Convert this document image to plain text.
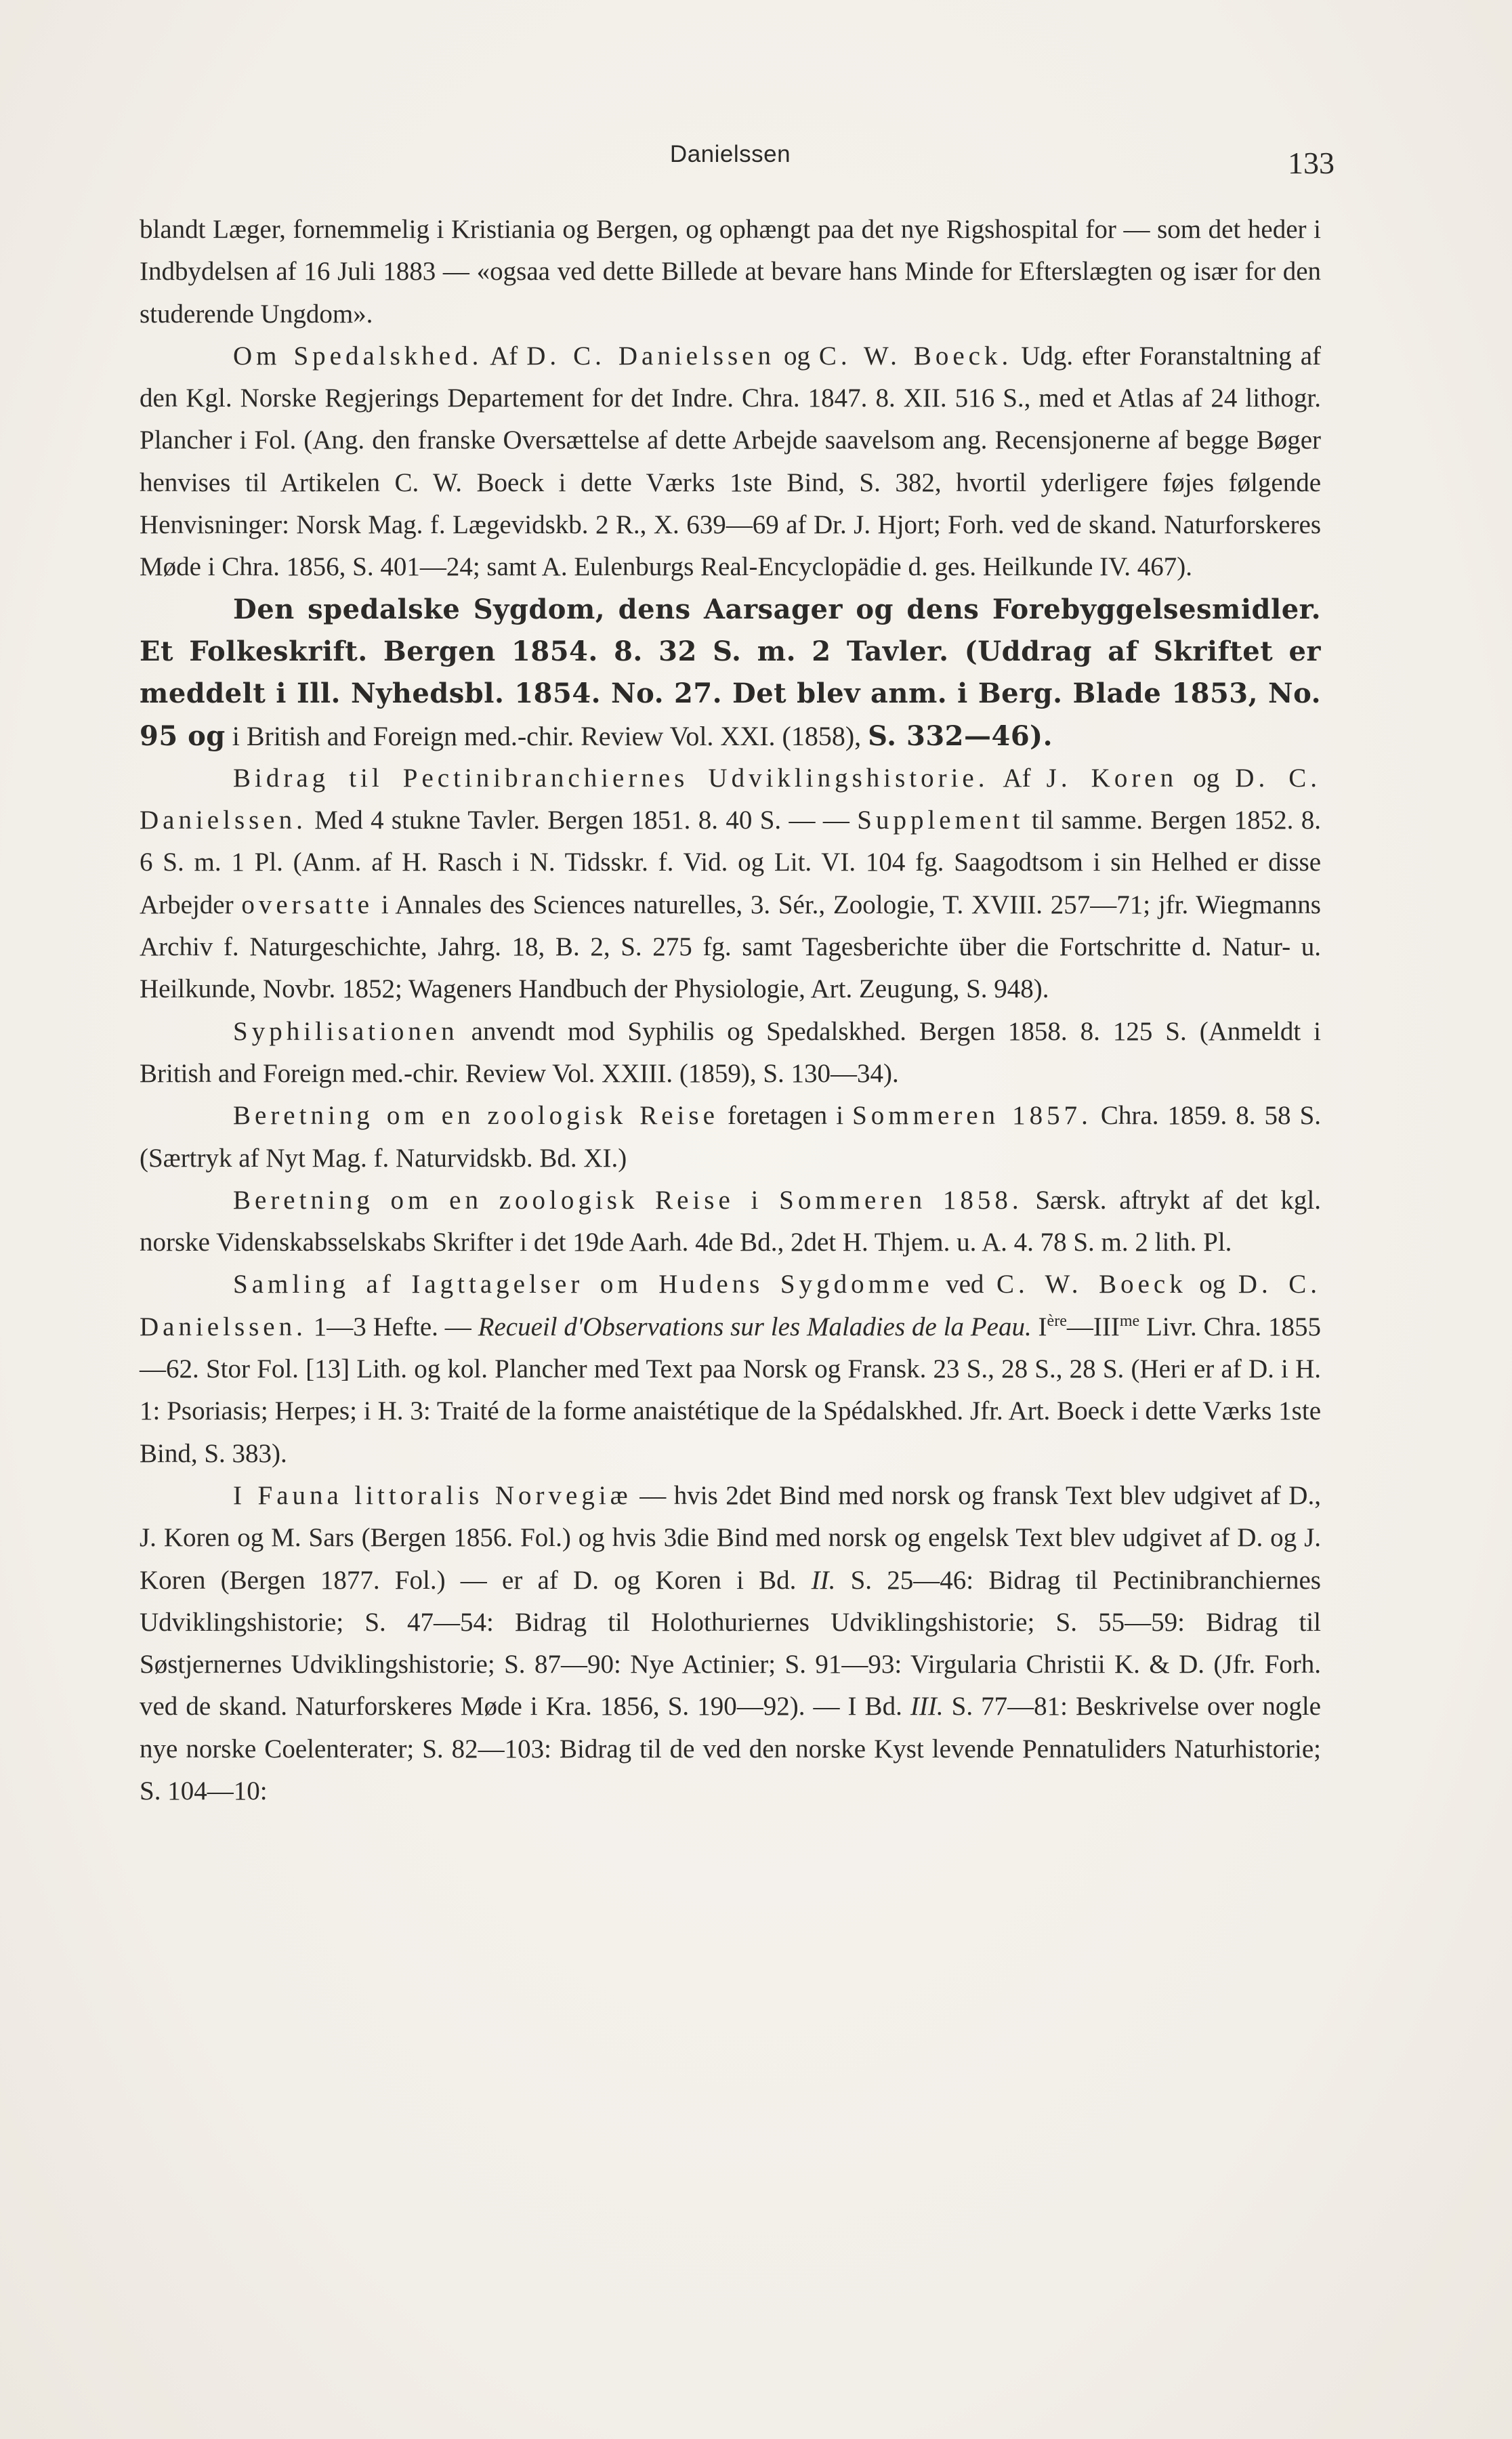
Danielssen	133

blandt Læger, fornemmelig i Kristiania og Bergen, og ophængt paa det nye Rigshospital for — som det heder i Indbydelsen af 16 Juli 1883 — «ogsaa ved dette Billede at bevare hans Minde for Efterslægten og især for den studerende Ungdom».

Om Spedalskhed. Af D. C. Danielssen og C. W. Boeck. Udg. efter Foranstaltning af den Kgl. Norske Regjerings Departement for det Indre. Chra. 1847. 8. XII. 516 S., med et Atlas af 24 lithogr. Plancher i Fol. (Ang. den franske Oversættelse af dette Arbejde saavelsom ang. Recensjonerne af begge Bøger henvises til Artikelen C. W. Boeck i dette Værks 1ste Bind, S. 382, hvortil yderligere føjes følgende Henvisninger: Norsk Mag. f. Lægevidskb. 2 R., X. 639—69 af Dr. J. Hjort; Forh. ved de skand. Naturforskeres Møde i Chra. 1856, S. 401—24; samt A. Eulenburgs Real-Encyclopädie d. ges. Heilkunde IV. 467).

Den spedalske Sygdom, dens Aarsager og dens Forebyggelsesmidler. Et Folkeskrift. Bergen 1854. 8. 32 S. m. 2 Tavler. (Uddrag af Skriftet er meddelt i Ill. Nyhedsbl. 1854. No. 27. Det blev anm. i Berg. Blade 1853, No. 95 og i British and Foreign med.-chir. Review Vol. XXI. (1858), S. 332—46).

Bidrag til Pectinibranchiernes Udviklingshistorie. Af J. Koren og D. C. Danielssen. Med 4 stukne Tavler. Bergen 1851. 8. 40 S. — — Supplement til samme. Bergen 1852. 8. 6 S. m. 1 Pl. (Anm. af H. Rasch i N. Tidsskr. f. Vid. og Lit. VI. 104 fg. Saagodtsom i sin Helhed er disse Arbejder oversatte i Annales des Sciences naturelles, 3. Sér., Zoologie, T. XVIII. 257—71; jfr. Wiegmanns Archiv f. Naturgeschichte, Jahrg. 18, B. 2, S. 275 fg. samt Tagesberichte über die Fortschritte d. Natur- u. Heilkunde, Novbr. 1852; Wageners Handbuch der Physiologie, Art. Zeugung, S. 948).

Syphilisationen anvendt mod Syphilis og Spedalskhed. Bergen 1858. 8. 125 S. (Anmeldt i British and Foreign med.-chir. Review Vol. XXIII. (1859), S. 130—34).

Beretning om en zoologisk Reise foretagen i Sommeren 1857. Chra. 1859. 8. 58 S. (Særtryk af Nyt Mag. f. Naturvidskb. Bd. XI.)

Beretning om en zoologisk Reise i Sommeren 1858. Særsk. aftrykt af det kgl. norske Videnskabsselskabs Skrifter i det 19de Aarh. 4de Bd., 2det H. Thjem. u. A. 4. 78 S. m. 2 lith. Pl.

Samling af Iagttagelser om Hudens Sygdomme ved C. W. Boeck og D. C. Danielssen. 1—3 Hefte. — Recueil d'Observations sur les Maladies de la Peau. $Ière—III^{me}$ Livr. Chra. 1855—62. Stor Fol. [13] Lith. og kol. Plancher med Text paa Norsk og Fransk. 23 S., 28 S., 28 S. (Heri er af D. i H. 1: Psoriasis; Herpes; i H. 3: Traité de la forme anaistétique de la Spédalskhed. Jfr. Art. Boeck i dette Værks 1ste Bind, S. 383).

I Fauna littoralis Norvegiæ — hvis 2det Bind med norsk og fransk Text blev udgivet af D., J. Koren og M. Sars (Bergen 1856. Fol.) og hvis 3die Bind med norsk og engelsk Text blev udgivet af D. og J. Koren (Bergen 1877. Fol.) — er af D. og Koren i Bd. II. S. 25—46: Bidrag til Pectinibranchiernes Udviklingshistorie; S. 47—54: Bidrag til Holothuriernes Udviklingshistorie; S. 55—59: Bidrag til Søstjernernes Udviklingshistorie; S. 87—90: Nye Actinier; S. 91—93: Virgularia Christii K. & D. (Jfr. Forh. ved de skand. Naturforskeres Møde i Kra. 1856, S. 190—92). — I Bd. III. S. 77—81: Beskrivelse over nogle nye norske Coelenterater; S. 82—103: Bidrag til de ved den norske Kyst levende Pennatuliders Naturhistorie; S. 104—10:
